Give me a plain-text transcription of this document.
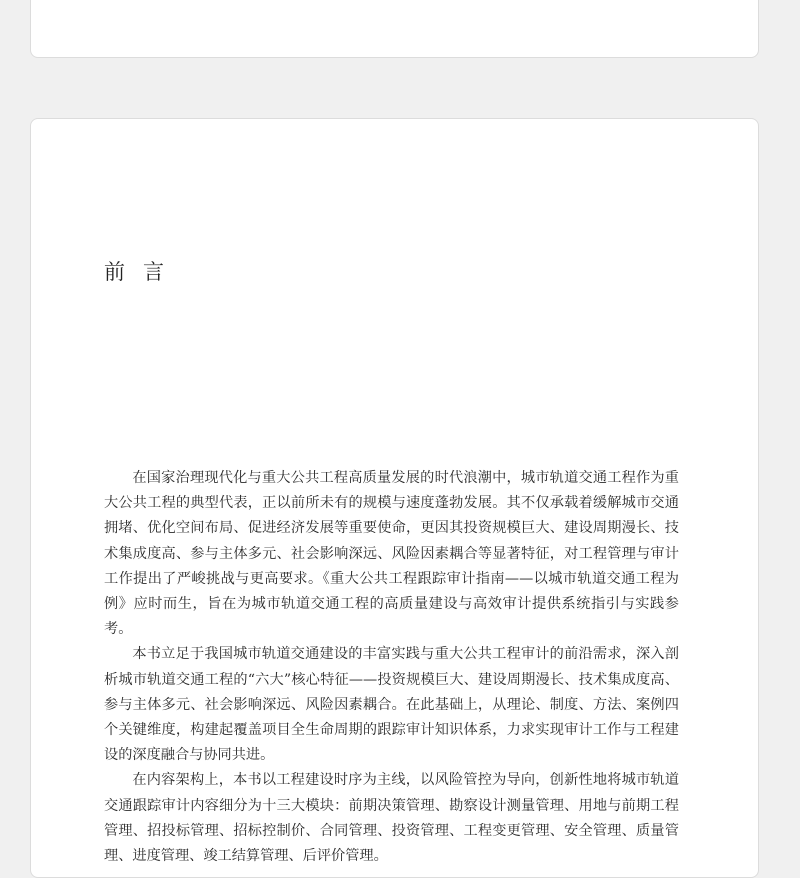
前言

在国家治理现代化与重大公共工程高质量发展的时代浪潮中，城市轨道交通工程作为重大公共工程的典型代表，正以前所未有的规模与速度蓬勃发展。其不仅承载着缓解城市交通拥堵、优化空间布局、促进经济发展等重要使命，更因其投资规模巨大、建设周期漫长、技术集成度高、参与主体多元、社会影响深远、风险因素耦合等显著特征，对工程管理与审计工作提出了严峻挑战与更高要求。《重大公共工程跟踪审计指南——以城市轨道交通工程为例》应时而生，旨在为城市轨道交通工程的高质量建设与高效审计提供系统指引与实践参考。

本书立足于我国城市轨道交通建设的丰富实践与重大公共工程审计的前沿需求，深入剖析城市轨道交通工程的“六大”核心特征——投资规模巨大、建设周期漫长、技术集成度高、参与主体多元、社会影响深远、风险因素耦合。在此基础上，从理论、制度、方法、案例四个关键维度，构建起覆盖项目全生命周期的跟踪审计知识体系，力求实现审计工作与工程建设的深度融合与协同共进。

在内容架构上，本书以工程建设时序为主线，以风险管控为导向，创新性地将城市轨道交通跟踪审计内容细分为十三大模块：前期决策管理、勘察设计测量管理、用地与前期工程管理、招投标管理、招标控制价、合同管理、投资管理、工程变更管理、安全管理、质量管理、进度管理、竣工结算管理、后评价管理。
